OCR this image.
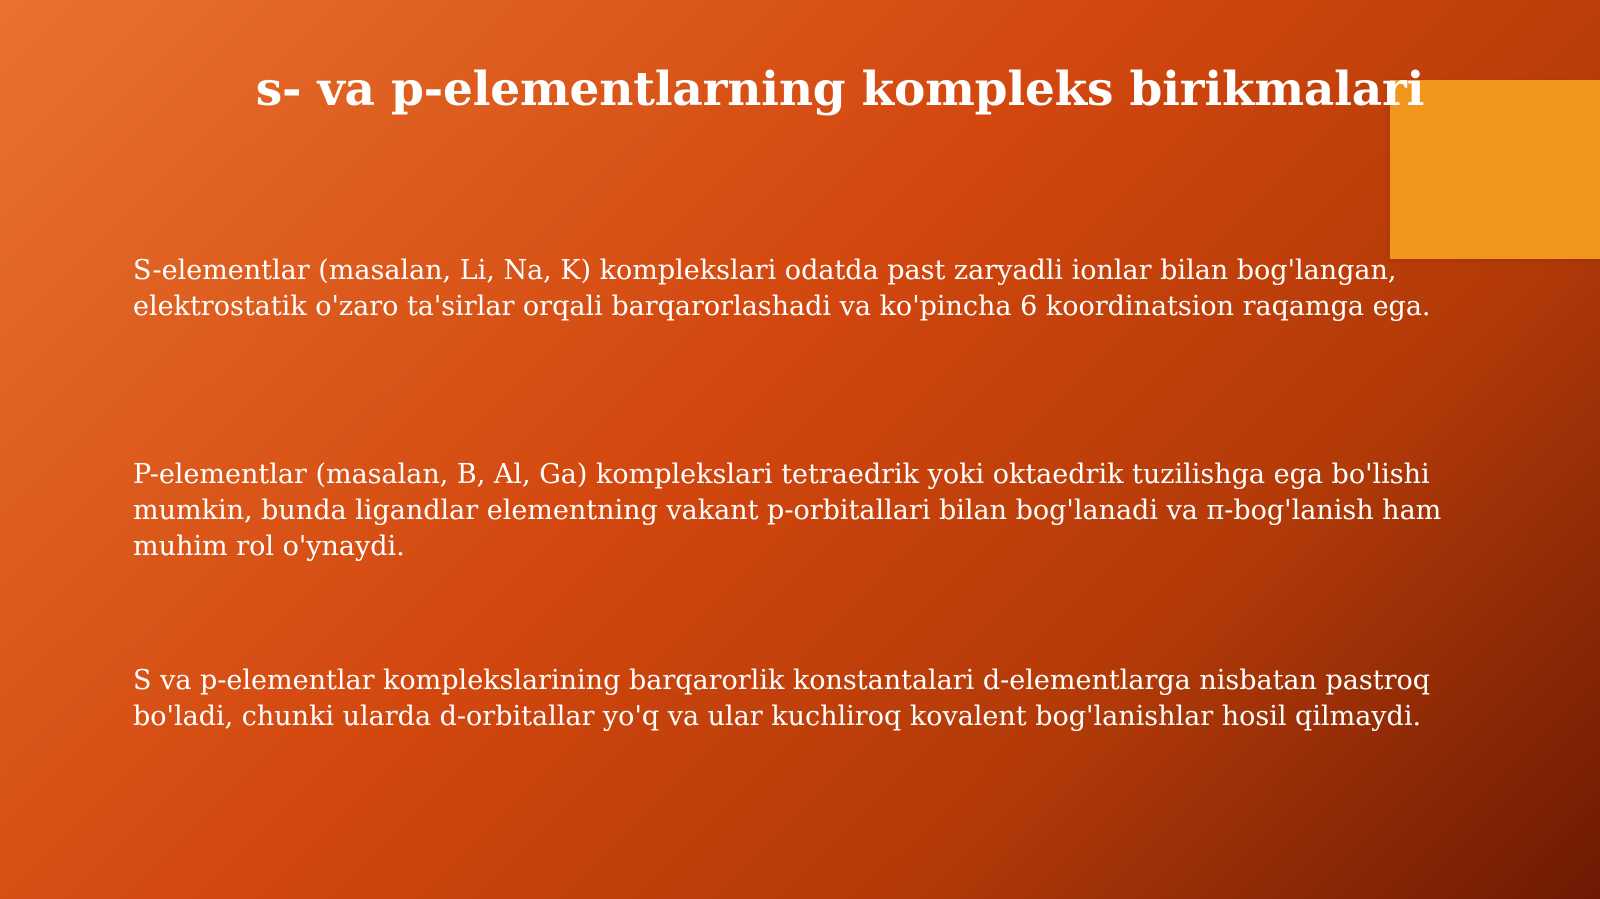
s- va p-elementlarning kompleks birikmalari

S-elementlar (masalan, Li, Na, K) komplekslari odatda past zaryadli ionlar bilan bog'langan, elektrostatik o'zaro ta'sirlar orqali barqarorlashadi va ko'pincha 6 koordinatsion raqamga ega.

P-elementlar (masalan, B, Al, Ga) komplekslari tetraedrik yoki oktaedrik tuzilishga ega bo'lishi mumkin, bunda ligandlar elementning vakant p-orbitallari bilan bog'lanadi va π-bog'lanish ham muhim rol o'ynaydi.

S va p-elementlar komplekslarining barqarorlik konstantalari d-elementlarga nisbatan pastroq bo'ladi, chunki ularda d-orbitallar yo'q va ular kuchliroq kovalent bog'lanishlar hosil qilmaydi.
